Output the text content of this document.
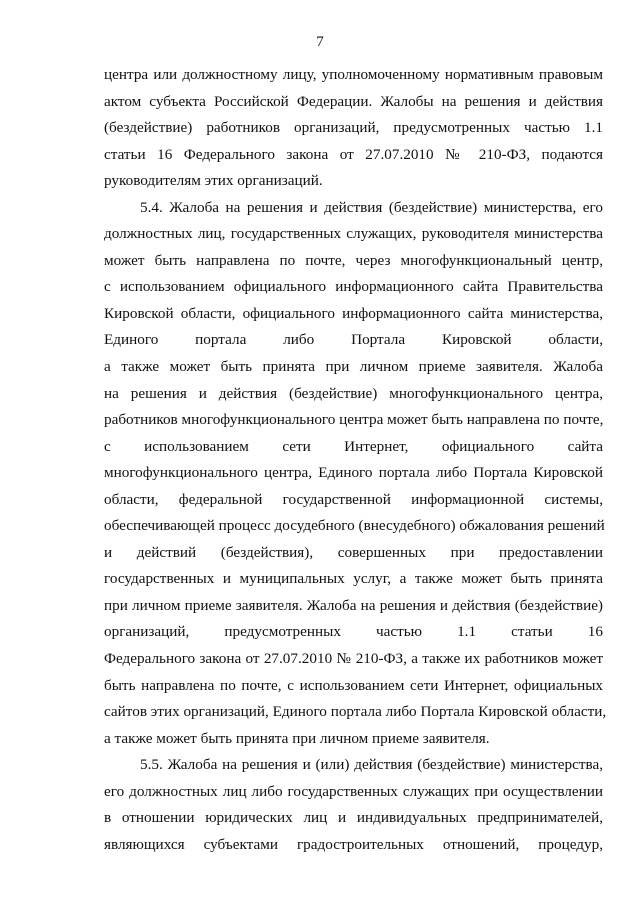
7
центра или должностному лицу, уполномоченному нормативным правовым
актом субъекта Российской Федерации. Жалобы на решения и действия
(бездействие) работников организаций, предусмотренных частью 1.1
статьи 16 Федерального закона от 27.07.2010 № 210-ФЗ, подаются
руководителям этих организаций.
5.4. Жалоба на решения и действия (бездействие) министерства, его
должностных лиц, государственных служащих, руководителя министерства
может быть направлена по почте, через многофункциональный центр,
с использованием официального информационного сайта Правительства
Кировской области, официального информационного сайта министерства,
Единого портала либо Портала Кировской области,
а также может быть принята при личном приеме заявителя. Жалоба
на решения и действия (бездействие) многофункционального центра,
работников многофункционального центра может быть направлена по почте,
с использованием сети Интернет, официального сайта
многофункционального центра, Единого портала либо Портала Кировской
области, федеральной государственной информационной системы,
обеспечивающей процесс досудебного (внесудебного) обжалования решений
и действий (бездействия), совершенных при предоставлении
государственных и муниципальных услуг, а также может быть принята
при личном приеме заявителя. Жалоба на решения и действия (бездействие)
организаций, предусмотренных частью 1.1 статьи 16
Федерального закона от 27.07.2010 № 210-ФЗ, а также их работников может
быть направлена по почте, с использованием сети Интернет, официальных
сайтов этих организаций, Единого портала либо Портала Кировской области,
а также может быть принята при личном приеме заявителя.
5.5. Жалоба на решения и (или) действия (бездействие) министерства,
его должностных лиц либо государственных служащих при осуществлении
в отношении юридических лиц и индивидуальных предпринимателей,
являющихся субъектами градостроительных отношений, процедур,
